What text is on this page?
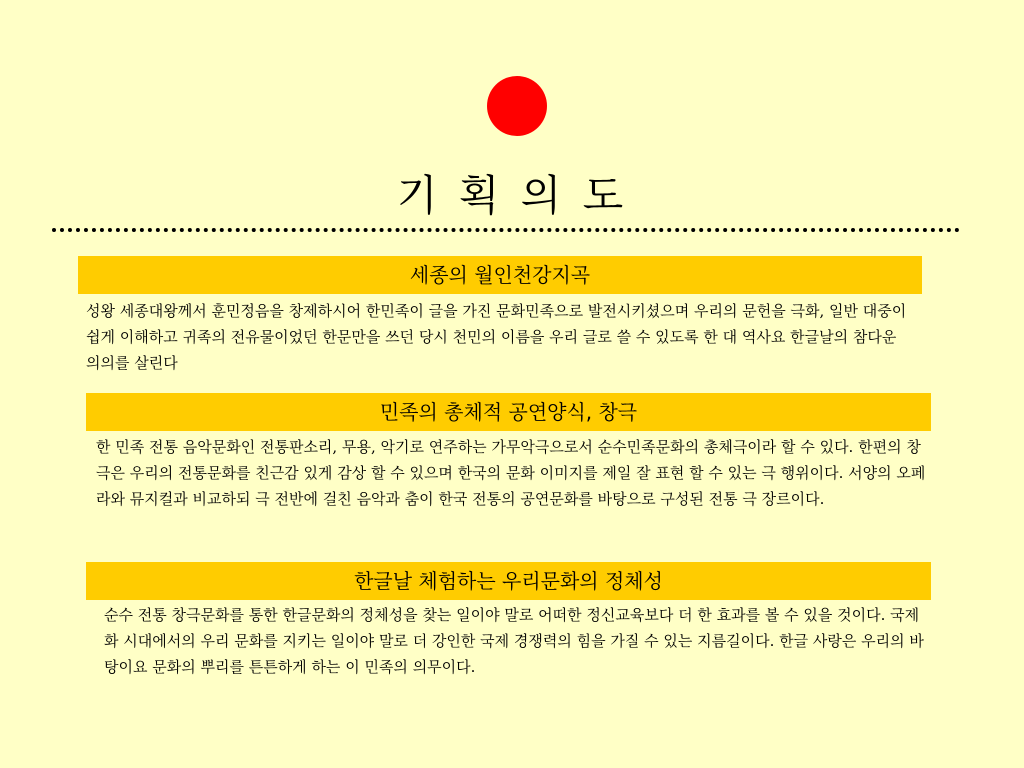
기 획 의 도
세종의 월인천강지곡

성왕 세종대왕께서 훈민정음을 창제하시어 한민족이 글을 가진 문화민족으로 발전시키셨으며 우리의 문헌을 극화, 일반 대중이 쉽게 이해하고 귀족의 전유물이었던 한문만을 쓰던 당시 천민의 이름을 우리 글로 쓸 수 있도록 한 대 역사요 한글날의 참다운 의의를 살린다

민족의 총체적 공연양식, 창극

한 민족 전통 음악문화인 전통판소리, 무용, 악기로 연주하는 가무악극으로서 순수민족문화의 총체극이라 할 수 있다. 한편의 창극은 우리의 전통문화를 친근감 있게 감상 할 수 있으며 한국의 문화 이미지를 제일 잘 표현 할 수 있는 극 행위이다. 서양의 오페라와 뮤지컬과 비교하되 극 전반에 걸친 음악과 춤이 한국 전통의 공연문화를 바탕으로 구성된 전통 극 장르이다.

한글날 체험하는 우리문화의 정체성

순수 전통 창극문화를 통한 한글문화의 정체성을 찾는 일이야 말로 어떠한 정신교육보다 더 한 효과를 볼 수 있을 것이다. 국제화 시대에서의 우리 문화를 지키는 일이야 말로 더 강인한 국제 경쟁력의 힘을 가질 수 있는 지름길이다. 한글 사랑은 우리의 바탕이요 문화의 뿌리를 튼튼하게 하는 이 민족의 의무이다.
